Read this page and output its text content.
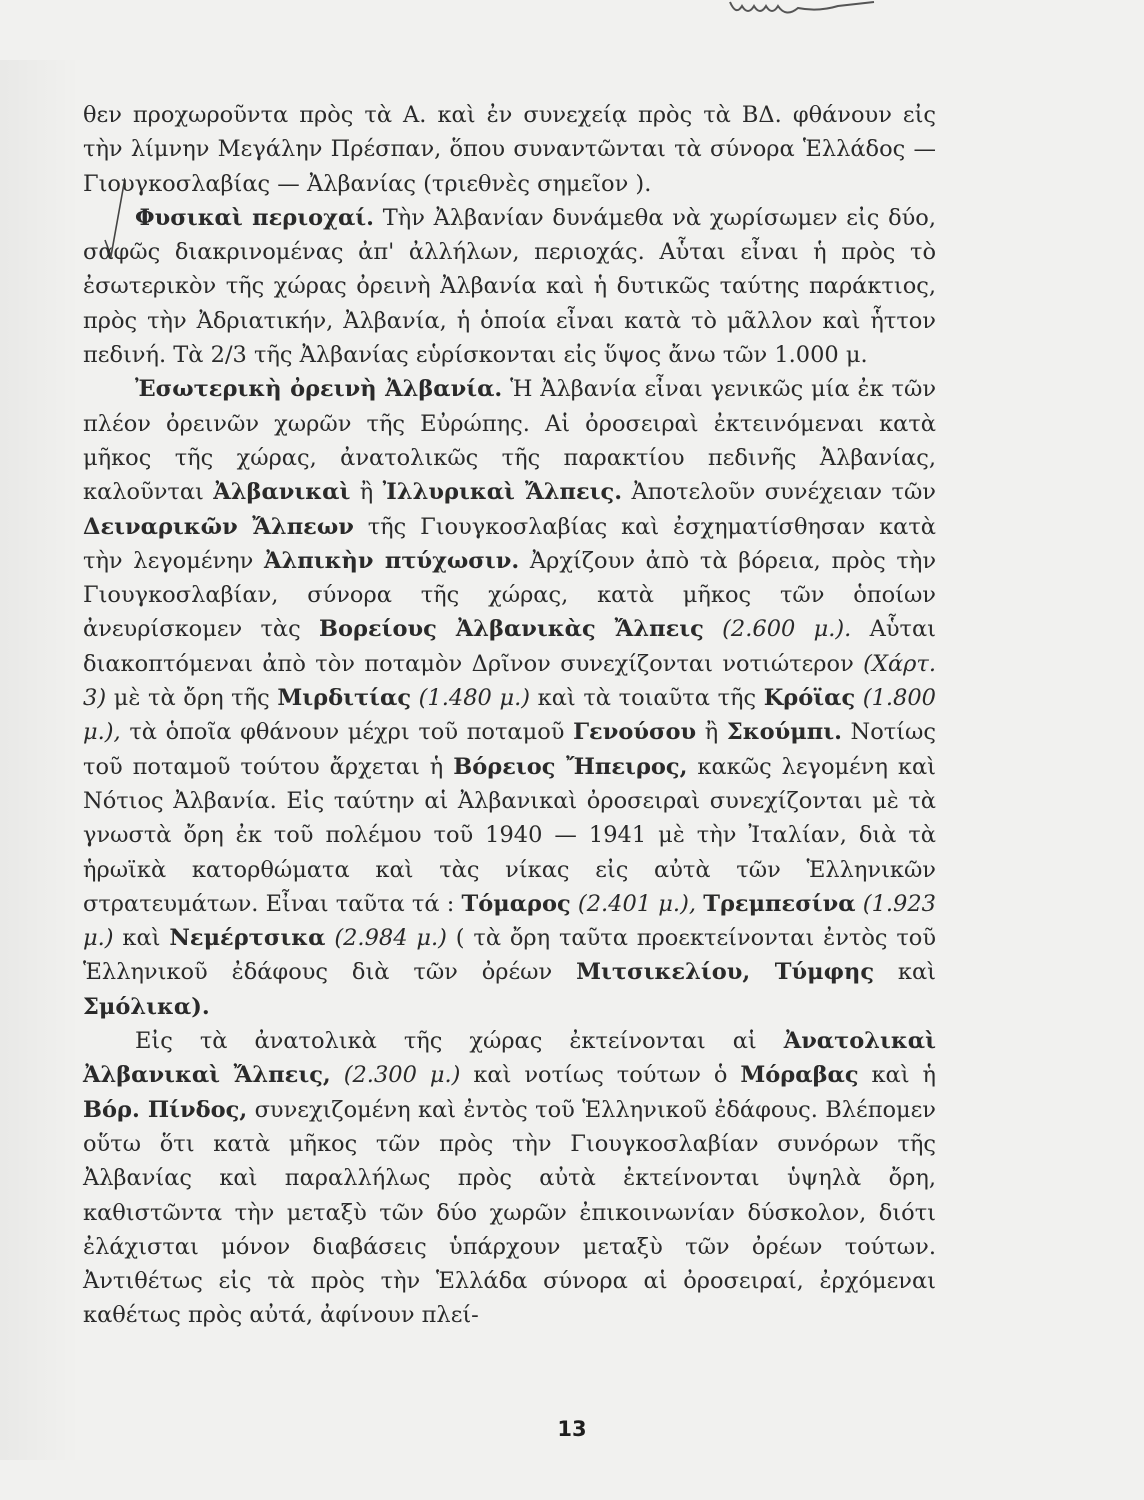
θεν προχωροῦντα πρὸς τὰ Α. καὶ ἐν συνεχείᾳ πρὸς τὰ ΒΔ. φθάνουν εἰς τὴν λίμνην Μεγάλην Πρέσπαν, ὅπου συναντῶνται τὰ σύνορα Ἑλλάδος — Γιουγκοσλαβίας — Ἀλβανίας (τριεθνὲς σημεῖον ).

Φυσικαὶ περιοχαί. Τὴν Ἀλβανίαν δυνάμεθα νὰ χωρίσωμεν εἰς δύο, σαφῶς διακρινομένας ἀπ' ἀλλήλων, περιοχάς. Αὗται εἶναι ἡ πρὸς τὸ ἐσωτερικὸν τῆς χώρας ὀρεινὴ Ἀλβανία καὶ ἡ δυτικῶς ταύτης παράκτιος, πρὸς τὴν Ἀδριατικήν, Ἀλβανία, ἡ ὁποία εἶναι κατὰ τὸ μᾶλλον καὶ ἧττον πεδινή. Τὰ 2/3 τῆς Ἀλβανίας εὑρίσκονται εἰς ὕψος ἄνω τῶν 1.000 μ.

Ἐσωτερικὴ ὀρεινὴ Ἀλβανία. Ἡ Ἀλβανία εἶναι γενικῶς μία ἐκ τῶν πλέον ὀρεινῶν χωρῶν τῆς Εὐρώπης. Αἱ ὀροσειραὶ ἐκτεινόμεναι κατὰ μῆκος τῆς χώρας, ἀνατολικῶς τῆς παρακτίου πεδινῆς Ἀλβανίας, καλοῦνται Ἀλβανικαὶ ἢ Ἰλλυρικαὶ Ἄλπεις. Ἀποτελοῦν συνέχειαν τῶν Δειναρικῶν Ἄλπεων τῆς Γιουγκοσλαβίας καὶ ἐσχηματίσθησαν κατὰ τὴν λεγομένην Ἀλπικὴν πτύχωσιν. Ἀρχίζουν ἀπὸ τὰ βόρεια, πρὸς τὴν Γιουγκοσλαβίαν, σύνορα τῆς χώρας, κατὰ μῆκος τῶν ὁποίων ἀνευρίσκομεν τὰς Βορείους Ἀλβανικὰς Ἄλπεις (2.600 μ.). Αὗται διακοπτόμεναι ἀπὸ τὸν ποταμὸν Δρῖνον συνεχίζονται νοτιώτερον (Χάρτ. 3) μὲ τὰ ὄρη τῆς Μιρδιτίας (1.480 μ.) καὶ τὰ τοιαῦτα τῆς Κρόϊας (1.800 μ.), τὰ ὁποῖα φθάνουν μέχρι τοῦ ποταμοῦ Γενούσου ἢ Σκούμπι. Νοτίως τοῦ ποταμοῦ τούτου ἄρχεται ἡ Βόρειος Ἤπειρος, κακῶς λεγομένη καὶ Νότιος Ἀλβανία. Εἰς ταύτην αἱ Ἀλβανικαὶ ὀροσειραὶ συνεχίζονται μὲ τὰ γνωστὰ ὄρη ἐκ τοῦ πολέμου τοῦ 1940 — 1941 μὲ τὴν Ἰταλίαν, διὰ τὰ ἡρωϊκὰ κατορθώματα καὶ τὰς νίκας εἰς αὐτὰ τῶν Ἑλληνικῶν στρατευμάτων. Εἶναι ταῦτα τά : Τόμαρος (2.401 μ.), Τρεμπεσίνα (1.923 μ.) καὶ Νεμέρτσικα (2.984 μ.) ( τὰ ὄρη ταῦτα προεκτείνονται ἐντὸς τοῦ Ἑλληνικοῦ ἐδάφους διὰ τῶν ὀρέων Μιτσικελίου, Τύμφης καὶ Σμόλικα).

Εἰς τὰ ἀνατολικὰ τῆς χώρας ἐκτείνονται αἱ Ἀνατολικαὶ Ἀλβανικαὶ Ἄλπεις, (2.300 μ.) καὶ νοτίως τούτων ὁ Μόραβας καὶ ἡ Βόρ. Πίνδος, συνεχιζομένη καὶ ἐντὸς τοῦ Ἑλληνικοῦ ἐδάφους. Βλέπομεν οὕτω ὅτι κατὰ μῆκος τῶν πρὸς τὴν Γιουγκοσλαβίαν συνόρων τῆς Ἀλβανίας καὶ παραλλήλως πρὸς αὐτὰ ἐκτείνονται ὑψηλὰ ὄρη, καθιστῶντα τὴν μεταξὺ τῶν δύο χωρῶν ἐπικοινωνίαν δύσκολον, διότι ἐλάχισται μόνον διαβάσεις ὑπάρχουν μεταξὺ τῶν ὀρέων τούτων. Ἀντιθέτως εἰς τὰ πρὸς τὴν Ἑλλάδα σύνορα αἱ ὀροσειραί, ἐρχόμεναι καθέτως πρὸς αὐτά, ἀφίνουν πλεί-

13
